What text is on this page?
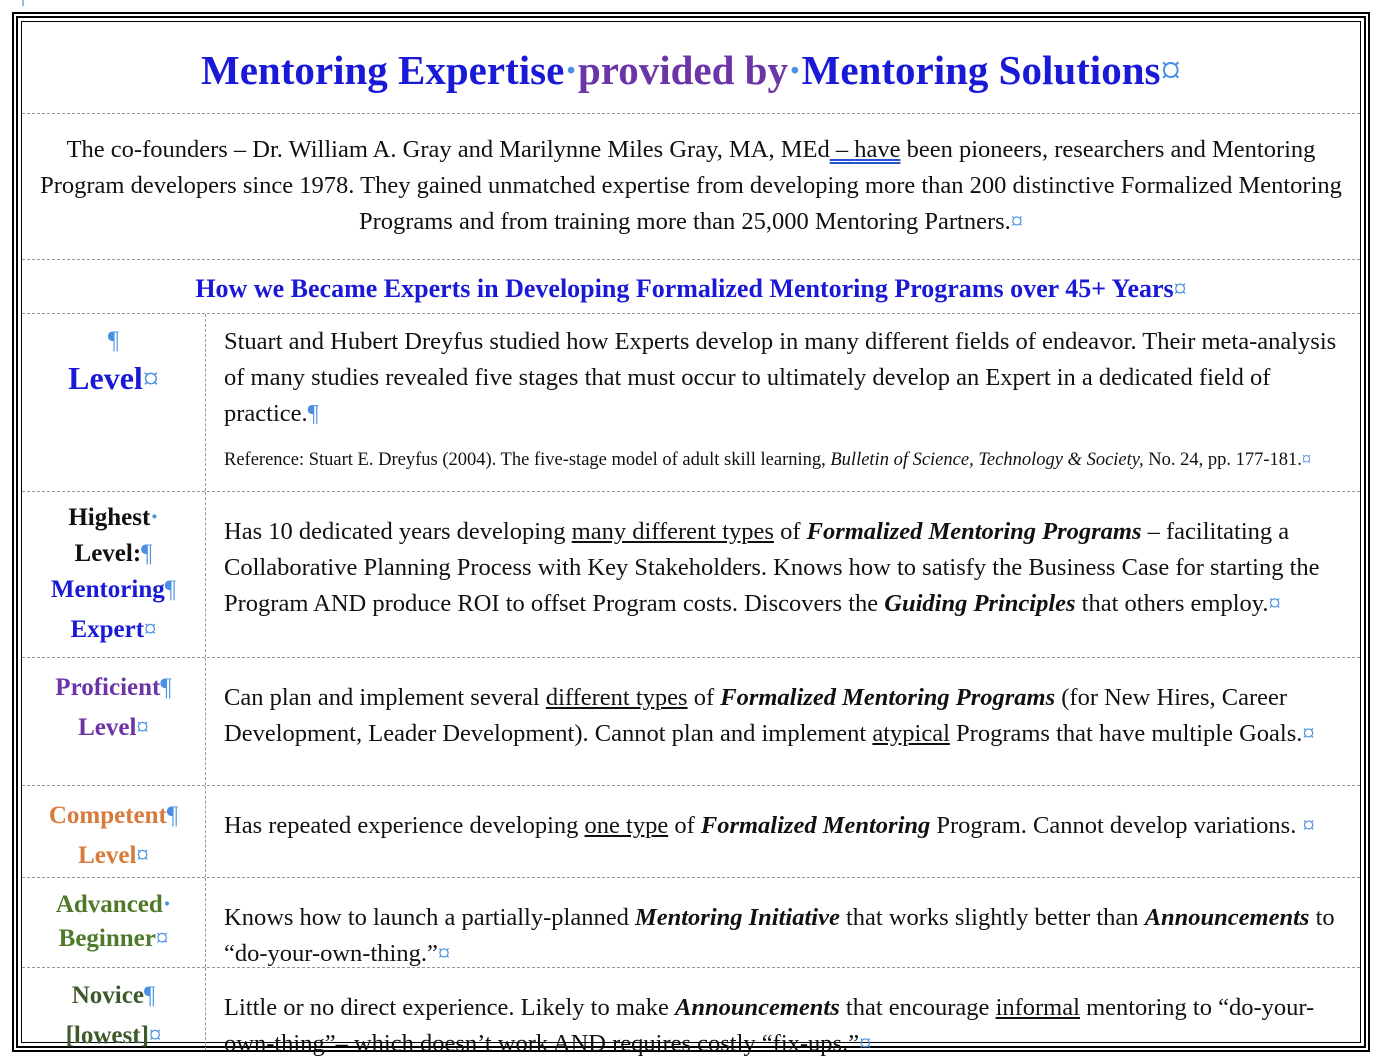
Mentoring Expertise·provided by·Mentoring Solutions¤
The co-founders – Dr. William A. Gray and Marilynne Miles Gray, MA, MEd – have been pioneers, researchers and Mentoring Program developers since 1978. They gained unmatched expertise from developing more than 200 distinctive Formalized Mentoring Programs and from training more than 25,000 Mentoring Partners.¤
How we Became Experts in Developing Formalized Mentoring Programs over 45+ Years¤
¶
Level¤
Stuart and Hubert Dreyfus studied how Experts develop in many different fields of endeavor. Their meta-analysis of many studies revealed five stages that must occur to ultimately develop an Expert in a dedicated field of practice.¶
Reference: Stuart E. Dreyfus (2004). The five-stage model of adult skill learning, Bulletin of Science, Technology & Society, No. 24, pp. 177-181.¤
Highest·
Level:¶
Mentoring¶
Expert¤
Has 10 dedicated years developing many different types of Formalized Mentoring Programs – facilitating a Collaborative Planning Process with Key Stakeholders. Knows how to satisfy the Business Case for starting the Program AND produce ROI to offset Program costs. Discovers the Guiding Principles that others employ.¤
Proficient¶
Level¤
Can plan and implement several different types of Formalized Mentoring Programs (for New Hires, Career Development, Leader Development). Cannot plan and implement atypical Programs that have multiple Goals.¤
Competent¶
Level¤
Has repeated experience developing one type of Formalized Mentoring Program. Cannot develop variations. ¤
Advanced·
Beginner¤
Knows how to launch a partially-planned Mentoring Initiative that works slightly better than Announcements to “do-your-own-thing.”¤
Novice¶
[lowest]¤
Little or no direct experience. Likely to make Announcements that encourage informal mentoring to “do-your-own-thing”– which doesn’t work AND requires costly “fix-ups.”¤
